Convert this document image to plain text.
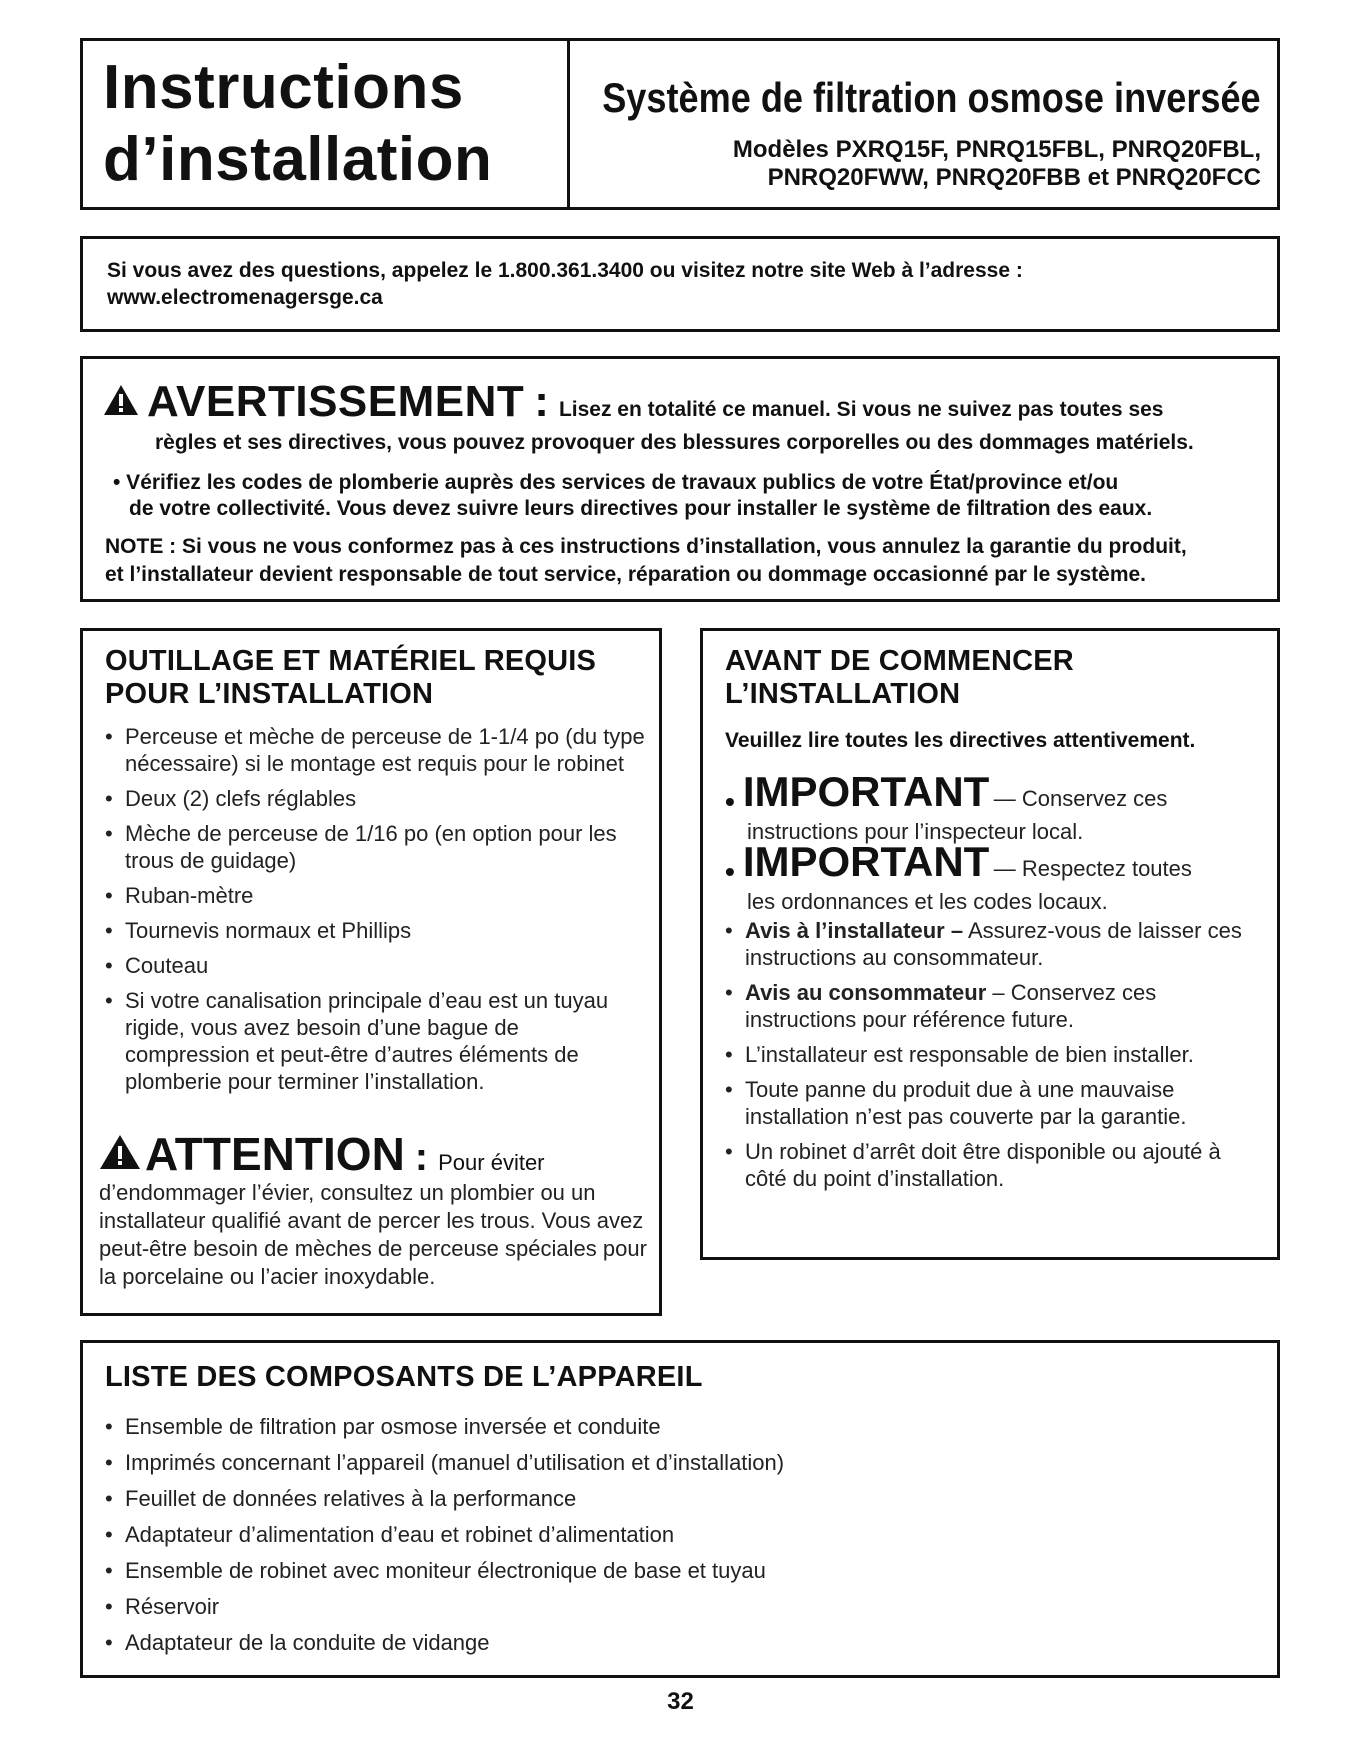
Instructions
d’installation
Système de filtration osmose inversée
Modèles PXRQ15F, PNRQ15FBL, PNRQ20FBL,
PNRQ20FWW, PNRQ20FBB et PNRQ20FCC

Si vous avez des questions, appelez le 1.800.361.3400 ou visitez notre site Web à l’adresse :

www.electromenagersge.ca

AVERTISSEMENT : Lisez en totalité ce manuel. Si vous ne suivez pas toutes ses
règles et ses directives, vous pouvez provoquer des blessures corporelles ou des dommages matériels.
• Vérifiez les codes de plomberie auprès des services de travaux publics de votre État/province et/ou
de votre collectivité. Vous devez suivre leurs directives pour installer le système de filtration des eaux.
NOTE : Si vous ne vous conformez pas à ces instructions d’installation, vous annulez la garantie du produit,
et l’installateur devient responsable de tout service, réparation ou dommage occasionné par le système.
OUTILLAGE ET MATÉRIEL REQUIS
POUR L’INSTALLATION
• Perceuse et mèche de perceuse de 1-1/4 po (du type nécessaire) si le montage est requis pour le robinet
• Deux (2) clefs réglables
• Mèche de perceuse de 1/16 po (en option pour les trous de guidage)
• Ruban-mètre
• Tournevis normaux et Phillips
• Couteau
• Si votre canalisation principale d’eau est un tuyau rigide, vous avez besoin d’une bague de compression et peut-être d’autres éléments de plomberie pour terminer l’installation.
ATTENTION : Pour éviter
d’endommager l’évier, consultez un plombier ou un installateur qualifié avant de percer les trous. Vous avez peut-être besoin de mèches de perceuse spéciales pour la porcelaine ou l’acier inoxydable.
AVANT DE COMMENCER
L’INSTALLATION
Veuillez lire toutes les directives attentivement.
• IMPORTANT — Conservez ces
instructions pour l’inspecteur local.
• IMPORTANT — Respectez toutes
les ordonnances et les codes locaux.
• Avis à l’installateur – Assurez-vous de laisser ces instructions au consommateur.
• Avis au consommateur – Conservez ces instructions pour référence future.
• L’installateur est responsable de bien installer.
• Toute panne du produit due à une mauvaise installation n’est pas couverte par la garantie.
• Un robinet d’arrêt doit être disponible ou ajouté à côté du point d’installation.
LISTE DES COMPOSANTS DE L’APPAREIL
• Ensemble de filtration par osmose inversée et conduite
• Imprimés concernant l’appareil (manuel d’utilisation et d’installation)
• Feuillet de données relatives à la performance
• Adaptateur d’alimentation d’eau et robinet d’alimentation
• Ensemble de robinet avec moniteur électronique de base et tuyau
• Réservoir
• Adaptateur de la conduite de vidange
32
